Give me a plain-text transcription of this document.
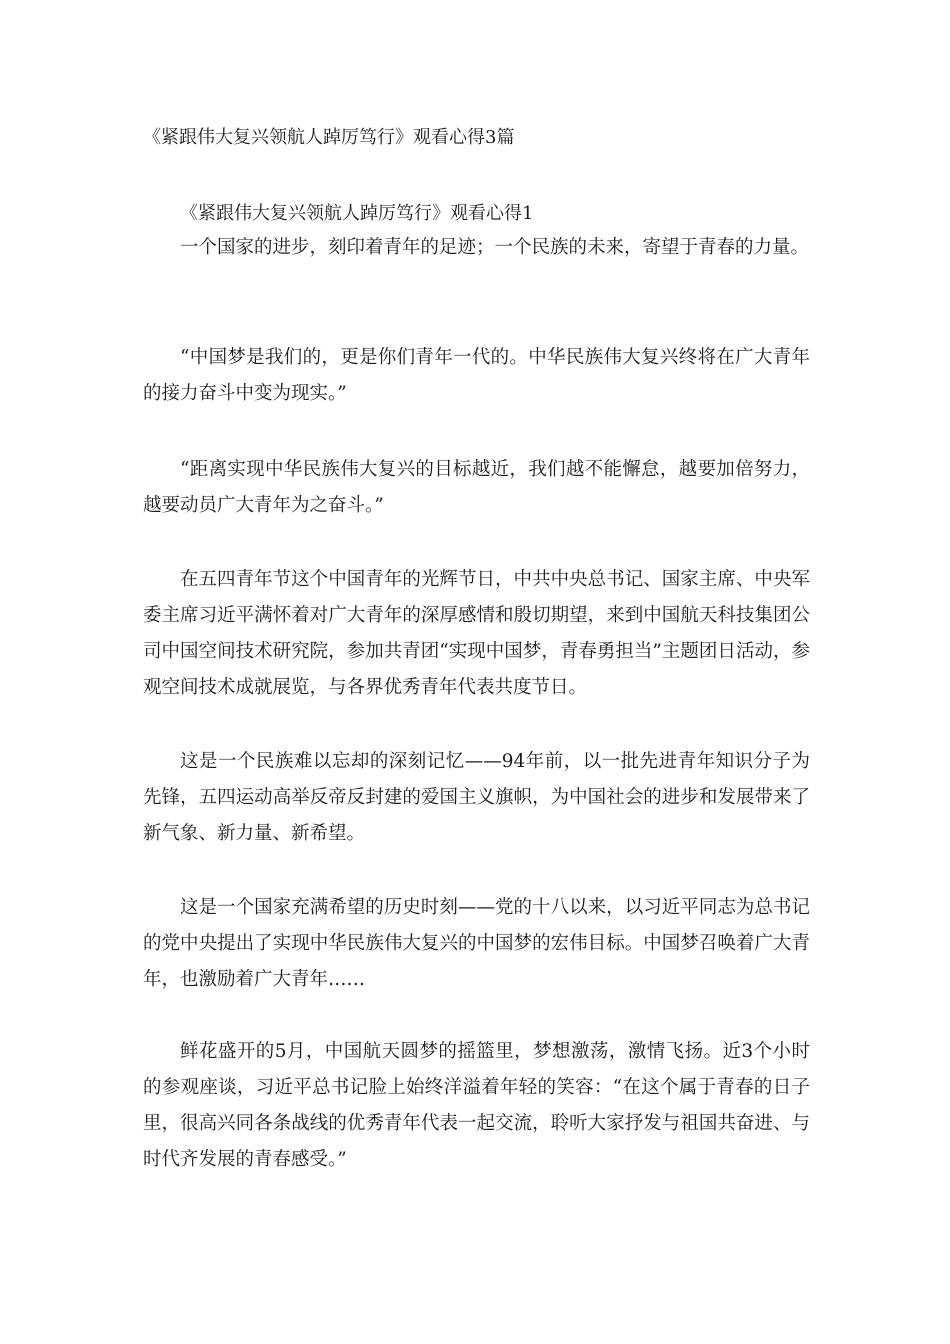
《紧跟伟大复兴领航人踔厉笃行》观看心得3篇
《紧跟伟大复兴领航人踔厉笃行》观看心得1

一个国家的进步，刻印着青年的足迹；一个民族的未来，寄望于青春的力量。

“中国梦是我们的，更是你们青年一代的。中华民族伟大复兴终将在广大青年的接力奋斗中变为现实。”

“距离实现中华民族伟大复兴的目标越近，我们越不能懈怠，越要加倍努力，越要动员广大青年为之奋斗。”

在五四青年节这个中国青年的光辉节日，中共中央总书记、国家主席、中央军委主席习近平满怀着对广大青年的深厚感情和殷切期望，来到中国航天科技集团公司中国空间技术研究院，参加共青团“实现中国梦，青春勇担当”主题团日活动，参观空间技术成就展览，与各界优秀青年代表共度节日。

这是一个民族难以忘却的深刻记忆——94年前，以一批先进青年知识分子为先锋，五四运动高举反帝反封建的爱国主义旗帜，为中国社会的进步和发展带来了新气象、新力量、新希望。

这是一个国家充满希望的历史时刻——党的十八以来，以习近平同志为总书记的党中央提出了实现中华民族伟大复兴的中国梦的宏伟目标。中国梦召唤着广大青年，也激励着广大青年……

鲜花盛开的5月，中国航天圆梦的摇篮里，梦想激荡，激情飞扬。近3个小时的参观座谈，习近平总书记脸上始终洋溢着年轻的笑容：“在这个属于青春的日子里，很高兴同各条战线的优秀青年代表一起交流，聆听大家抒发与祖国共奋进、与时代齐发展的青春感受。”
